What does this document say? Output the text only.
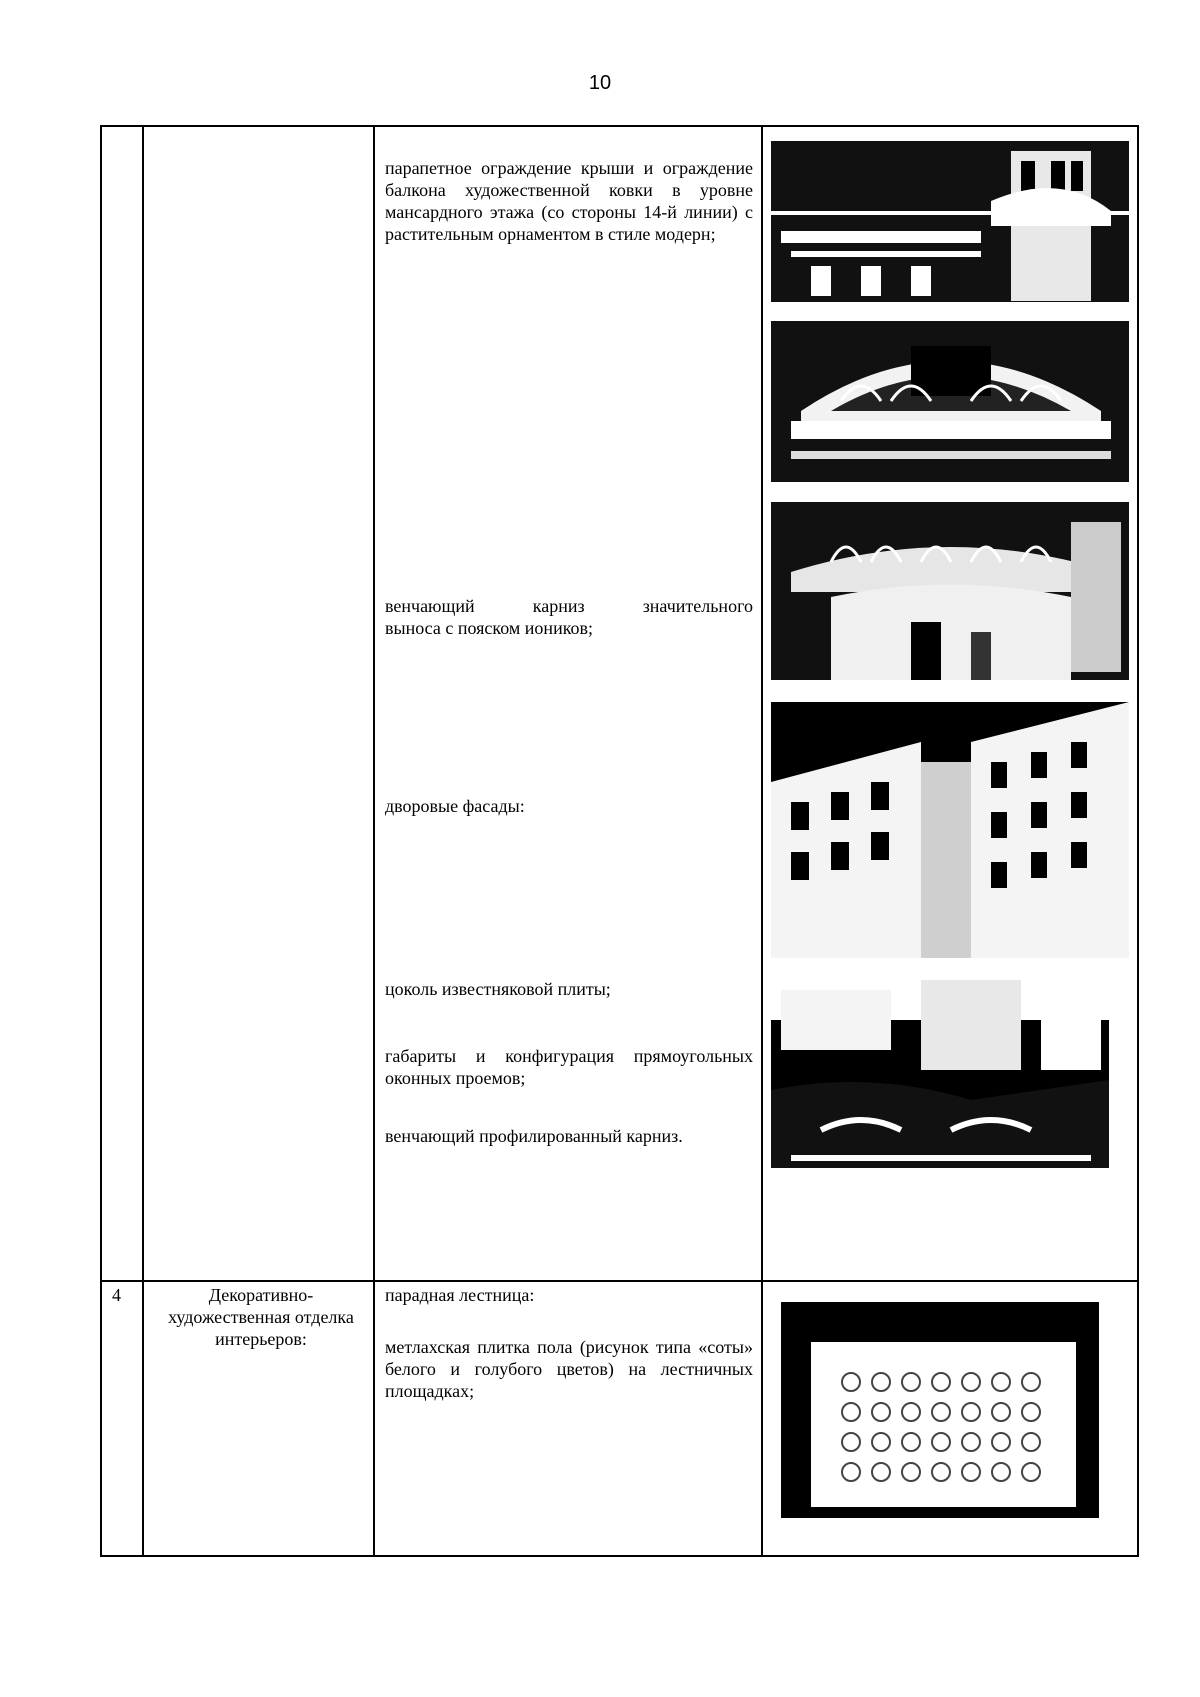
10
парапетное ограждение крыши и ограждение балкона художественной ковки в уровне мансардного этажа (со стороны 14-й линии) с растительным орнаментом в стиле модерн;
венчающий карниз значительного
выноса с пояском иоников;
дворовые фасады:
цоколь известняковой плиты;
габариты и конфигурация прямоугольных оконных проемов;
венчающий профилированный карниз.
4	Декоративно-художественная отделка интерьеров:
парадная лестница:
метлахская плитка пола (рисунок типа «соты» белого и голубого цветов) на лестничных площадках;
